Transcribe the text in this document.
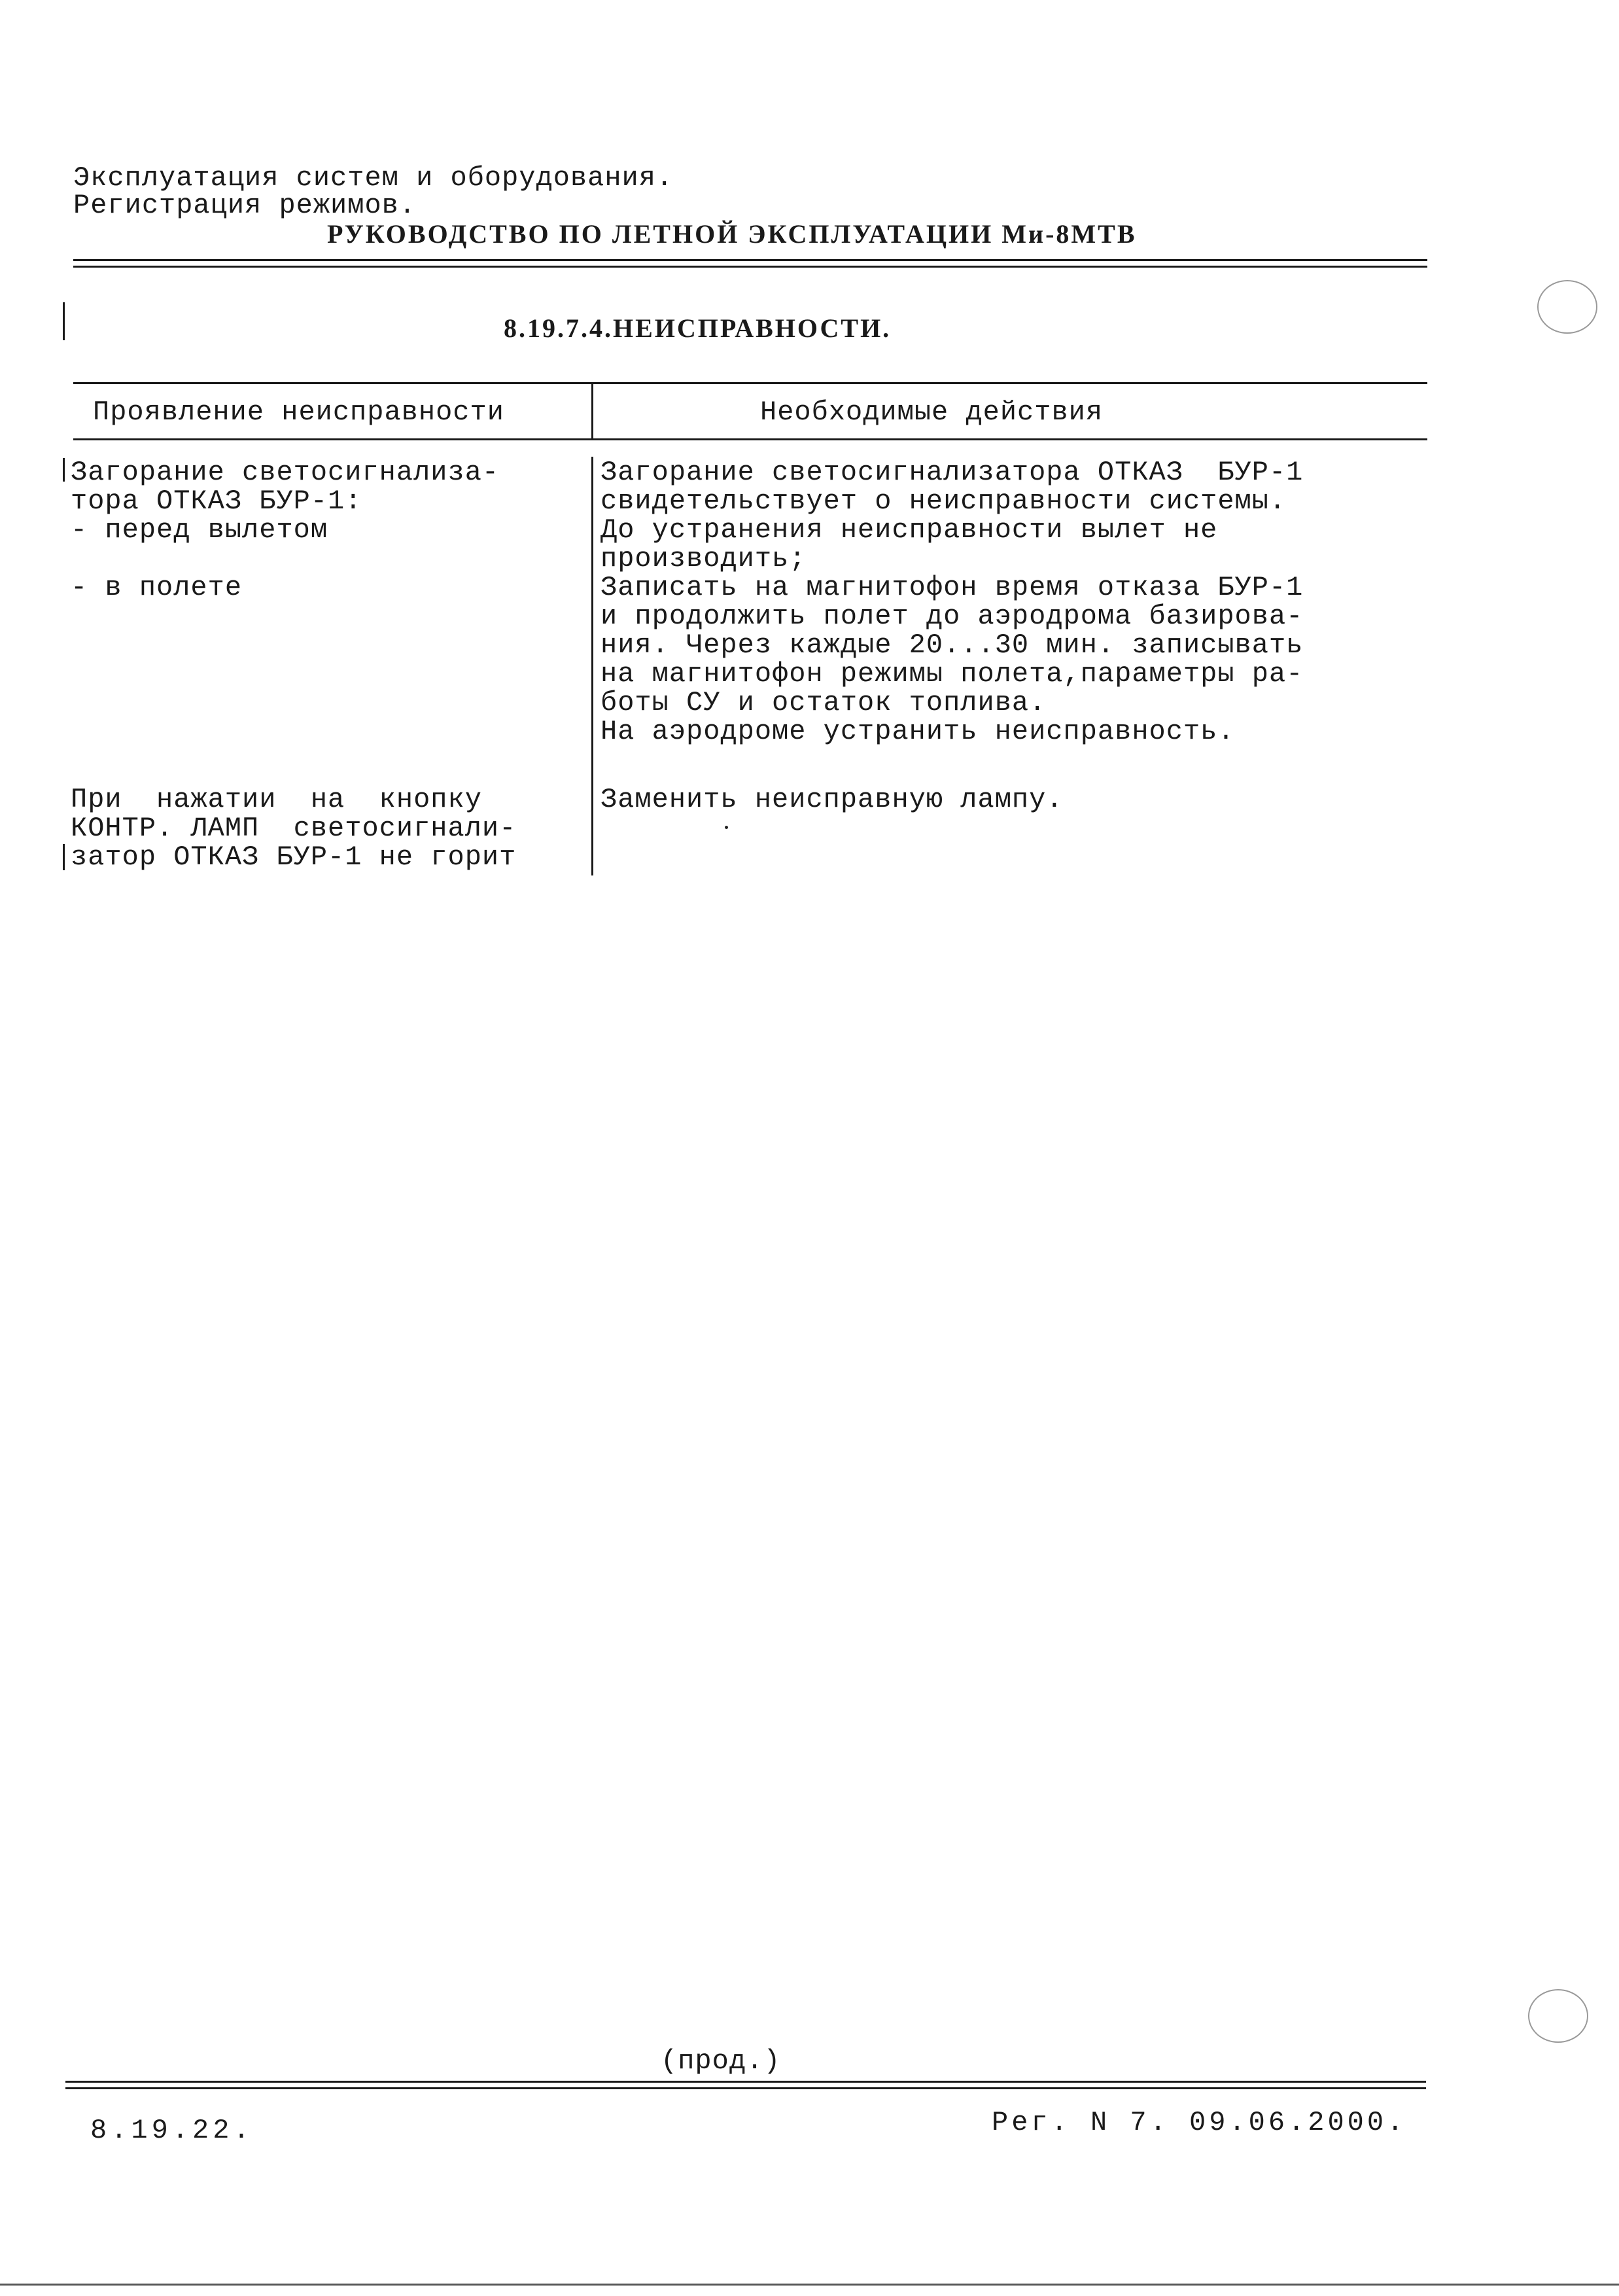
Эксплуатация систем и оборудования.
Регистрация режимов.
РУКОВОДСТВО ПО ЛЕТНОЙ ЭКСПЛУАТАЦИИ Ми-8МТВ
8.19.7.4.НЕИСПРАВНОСТИ.
Проявление неисправности	Необходимые действия
Загорание светосигнализа-
тора ОТКАЗ БУР-1:
- перед вылетом
- в полете
Загорание светосигнализатора ОТКАЗ  БУР-1
свидетельствует о неисправности системы.
До устранения неисправности вылет не
производить;
Записать на магнитофон время отказа БУР-1
и продолжить полет до аэродрома базирова-
ния. Через каждые 20...30 мин. записывать
на магнитофон режимы полета,параметры ра-
боты СУ и остаток топлива.
На аэродроме устранить неисправность.
При  нажатии  на  кнопку
КОНТР. ЛАМП  светосигнали-
затор ОТКАЗ БУР-1 не горит
Заменить неисправную лампу.
(прод.)
8.19.22.	Рег. N 7. 09.06.2000.
